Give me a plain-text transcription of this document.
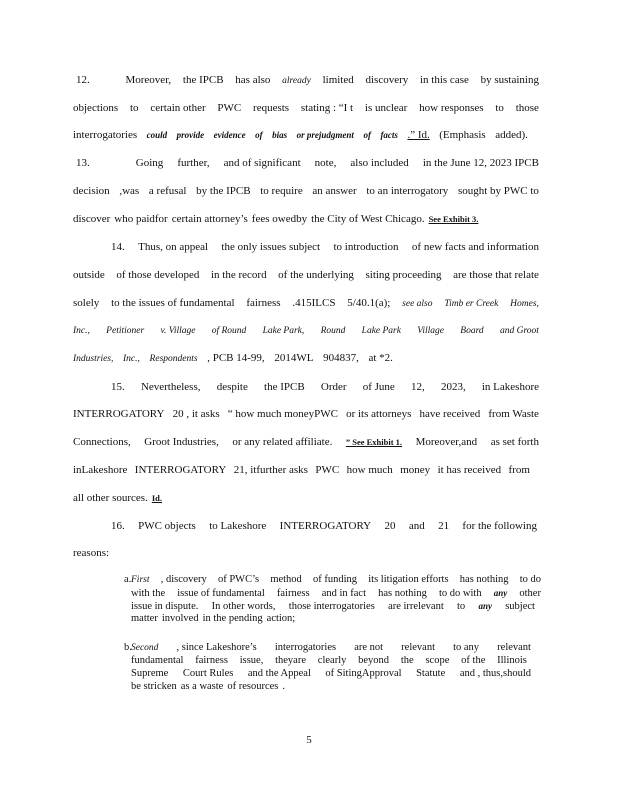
12.	Moreover, the IPCB has also already limited discovery in this case by sustaining
objections to certain other PWC requests stating : “I t is unclear how responses to those
interrogatories could provide evidence of bias or prejudgment of facts .” Id. (Emphasis added).
13.	Going further, and of significant note, also included in the June 12, 2023 IPCB
decision ,was a refusal by the IPCB to require an answer to an interrogatory sought by PWC to
discover who paidfor certain attorney’s fees owedby the City of West Chicago. See Exhibit 3.
14. Thus, on appeal the only issues subject to introduction of new facts and information
outside of those developed in the record of the underlying siting proceeding are those that relate
solely to the issues of fundamental fairness .415ILCS 5/40.1(a); see also Timb er Creek Homes,
Inc., Petitioner v. Village of Round Lake Park, Round Lake Park Village Board and Groot
Industries, Inc., Respondents , PCB 14-99, 2014WL 904837, at *2.
15. Nevertheless, despite the IPCB Order of June 12, 2023, in Lakeshore
INTERROGATORY 20 , it asks “ how much moneyPWC or its attorneys have received from Waste
Connections, Groot Industries, or any related affiliate. ” See Exhibit 1. Moreover,and as set forth
inLakeshore INTERROGATORY 21, itfurther asks PWC how much money it has received from
all other sources. Id.
16. PWC objects to Lakeshore INTERROGATORY 20 and 21 for the following
reasons:
a. First , discovery of PWC’s method of funding its litigation efforts has nothing to do
with the issue of fundamental fairness and in fact has nothing to do with any other
issue in dispute. In other words, those interrogatories are irrelevant to any subject
matter involved in the pending action;
b. Second , since Lakeshore’s interrogatories are not relevant to any relevant
fundamental fairness issue, theyare clearly beyond the scope of the Illinois
Supreme Court Rules and the Appeal of SitingApproval Statute and , thus,should
be stricken as a waste of resources .
5
